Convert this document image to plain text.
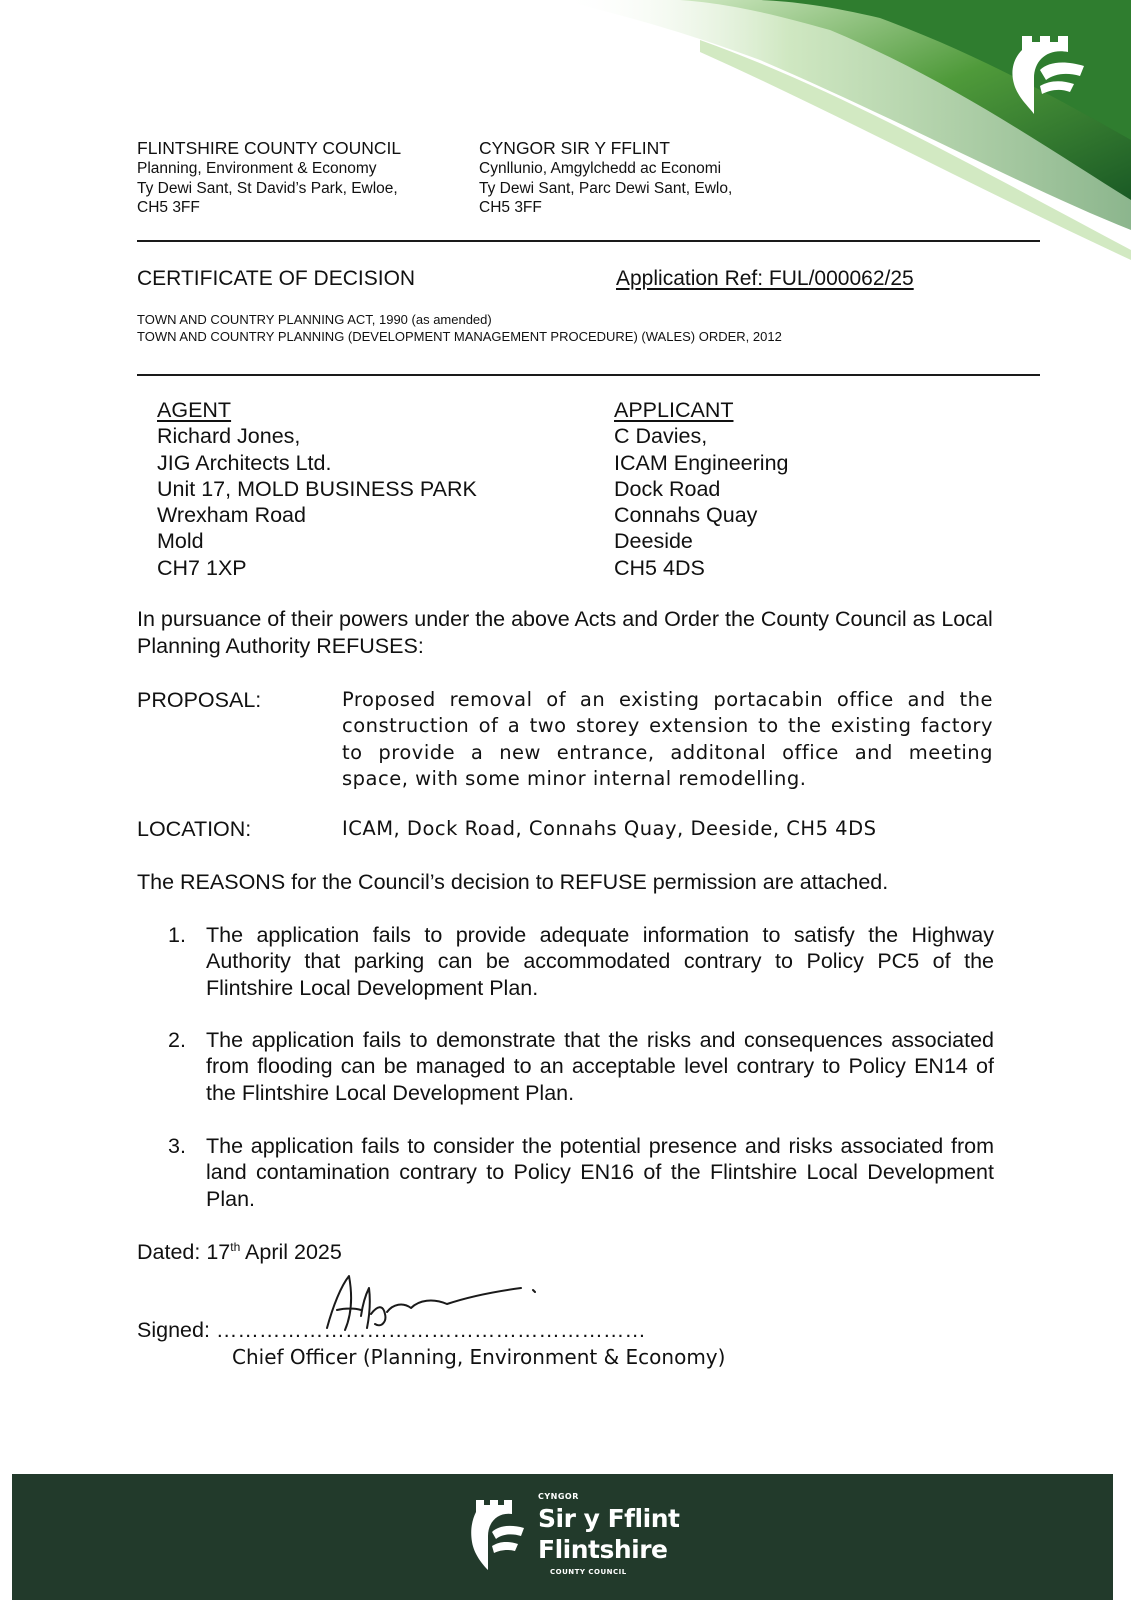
FLINTSHIRE COUNTY COUNCIL
Planning, Environment & Economy
Ty Dewi Sant, St David’s Park, Ewloe,
CH5 3FF
CYNGOR SIR Y FFLINT
Cynllunio, Amgylchedd ac Economi
Ty Dewi Sant, Parc Dewi Sant, Ewlo,
CH5 3FF
CERTIFICATE OF DECISION	Application Ref: FUL/000062/25
TOWN AND COUNTRY PLANNING ACT, 1990 (as amended)
TOWN AND COUNTRY PLANNING (DEVELOPMENT MANAGEMENT PROCEDURE) (WALES) ORDER, 2012
AGENT
Richard Jones,
JIG Architects Ltd.
Unit 17, MOLD BUSINESS PARK
Wrexham Road
Mold
CH7 1XP
APPLICANT
C Davies,
ICAM Engineering
Dock Road
Connahs Quay
Deeside
CH5 4DS
In pursuance of their powers under the above Acts and Order the County Council as Local Planning Authority REFUSES:
PROPOSAL:	Proposed removal of an existing portacabin office and the construction of a two storey extension to the existing factory to provide a new entrance, additonal office and meeting space, with some minor internal remodelling.
LOCATION:	ICAM, Dock Road, Connahs Quay, Deeside, CH5 4DS
The REASONS for the Council’s decision to REFUSE permission are attached.
1. The application fails to provide adequate information to satisfy the Highway Authority that parking can be accommodated contrary to Policy PC5 of the Flintshire Local Development Plan.
2. The application fails to demonstrate that the risks and consequences associated from flooding can be managed to an acceptable level contrary to Policy EN14 of the Flintshire Local Development Plan.
3. The application fails to consider the potential presence and risks associated from land contamination contrary to Policy EN16 of the Flintshire Local Development Plan.
Dated: 17th April 2025
Signed: ……………………………………………………
Chief Officer (Planning, Environment & Economy)
CYNGOR
Sir y Fflint
Flintshire
COUNTY COUNCIL
